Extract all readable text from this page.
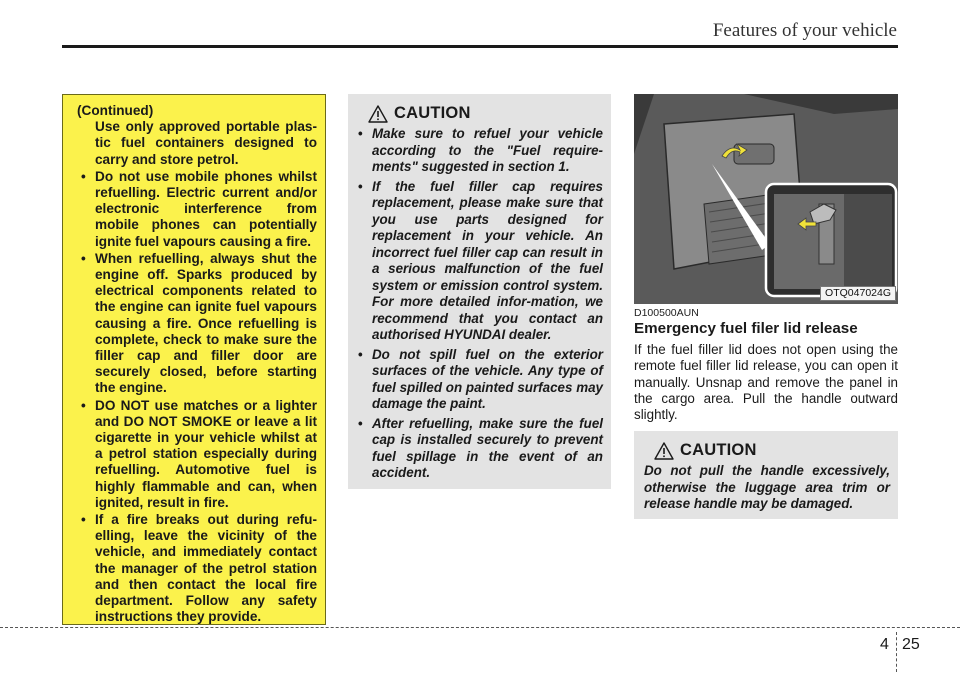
Features of your vehicle

(Continued)

Use only approved portable plas-tic fuel containers designed to carry and store petrol.

• Do not use mobile phones whilst refuelling. Electric current and/or electronic interference from mobile phones can potentially ignite fuel vapours causing a fire.
• When refuelling, always shut the engine off. Sparks produced by electrical components related to the engine can ignite fuel vapours causing a fire. Once refuelling is complete, check to make sure the filler cap and filler door are securely closed, before starting the engine.
• DO NOT use matches or a lighter and DO NOT SMOKE or leave a lit cigarette in your vehicle whilst at a petrol station especially during refuelling. Automotive fuel is highly flammable and can, when ignited, result in fire.
• If a fire breaks out during refu-elling, leave the vicinity of the vehicle, and immediately contact the manager of the petrol station and then contact the local fire department. Follow any safety instructions they provide.
CAUTION
• Make sure to refuel your vehicle according to the "Fuel require-ments" suggested in section 1.
• If the fuel filler cap requires replacement, please make sure that you use parts designed for replacement in your vehicle. An incorrect fuel filler cap can result in a serious malfunction of the fuel system or emission control system. For more detailed infor-mation, we recommend that you contact an authorised HYUNDAI dealer.
• Do not spill fuel on the exterior surfaces of the vehicle. Any type of fuel spilled on painted surfaces may damage the paint.
• After refuelling, make sure the fuel cap is installed securely to prevent fuel spillage in the event of an accident.
OTQ047024G
D100500AUN
Emergency fuel filer lid release

If the fuel filler lid does not open using the remote fuel filler lid release, you can open it manually. Unsnap and remove the panel in the cargo area. Pull the handle outward slightly.

CAUTION
Do not pull the handle excessively, otherwise the luggage area trim or release handle may be damaged.
4 25
